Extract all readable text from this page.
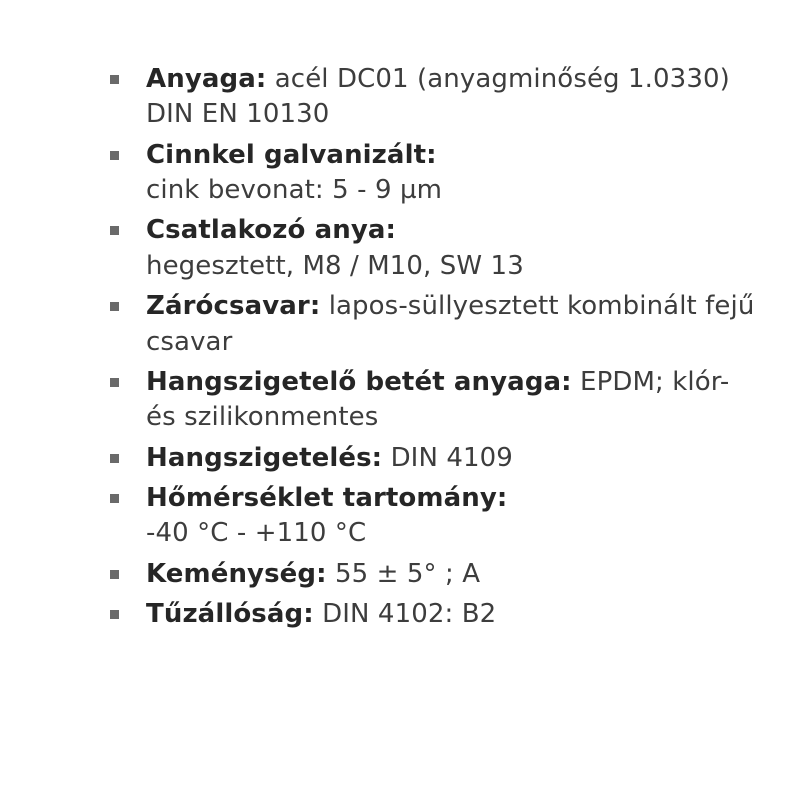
Anyaga: acél DC01 (anyagminőség 1.0330) DIN EN 10130
Cinnkel galvanizált:
cink bevonat: 5 - 9 µm
Csatlakozó anya:
hegesztett, M8 / M10, SW 13
Zárócsavar: lapos-süllyesztett kombinált fejű csavar
Hangszigetelő betét anyaga: EPDM; klór- és szilikonmentes
Hangszigetelés: DIN 4109
Hőmérséklet tartomány:
-40 °C - +110 °C
Keménység: 55 ± 5° ; A
Tűzállóság: DIN 4102: B2
